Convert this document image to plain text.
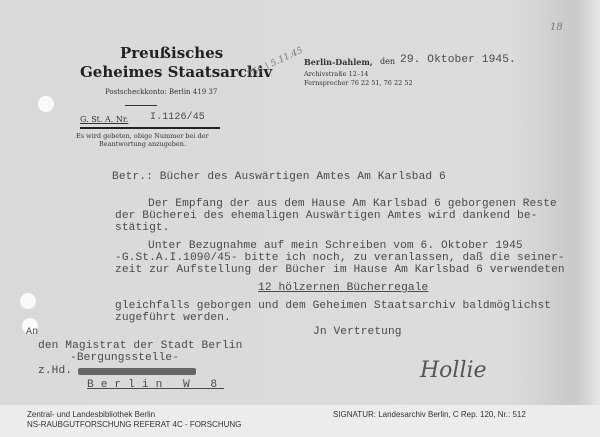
Preußisches
Geheimes Staatsarchiv
Postscheckkonto: Berlin 419 37
G. St. A. Nr. I.1126/45
Es wird gebeten, obige Nummer bei der
Beantwortung anzugeben.
750 | 5.11.45
18
Berlin-Dahlem, den 29. Oktober 1945.
Archivstraße 12–14
Fernsprecher 76 22 51, 76 22 52
Betr.: Bücher des Auswärtigen Amtes Am Karlsbad 6
Der Empfang der aus dem Hause Am Karlsbad 6 geborgenen Reste
der Bücherei des ehemaligen Auswärtigen Amtes wird dankend be-
stätigt.
Unter Bezugnahme auf mein Schreiben vom 6. Oktober 1945
-G.St.A.I.1090/45- bitte ich noch, zu veranlassen, daß die seiner-
zeit zur Aufstellung der Bücher im Hause Am Karlsbad 6 verwendeten
12 hölzernen Bücherregale
gleichfalls geborgen und dem Geheimen Staatsarchiv baldmöglichst
zugeführt werden.
Jn Vertretung
Hollie
An
den Magistrat der Stadt Berlin
-Bergungsstelle-
z.Hd.
Berlin W 8
Zentral- und Landesbibliothek Berlin
NS-RAUBGUTFORSCHUNG REFERAT 4C - FORSCHUNG
SIGNATUR: Landesarchiv Berlin, C Rep. 120, Nr.: 512
